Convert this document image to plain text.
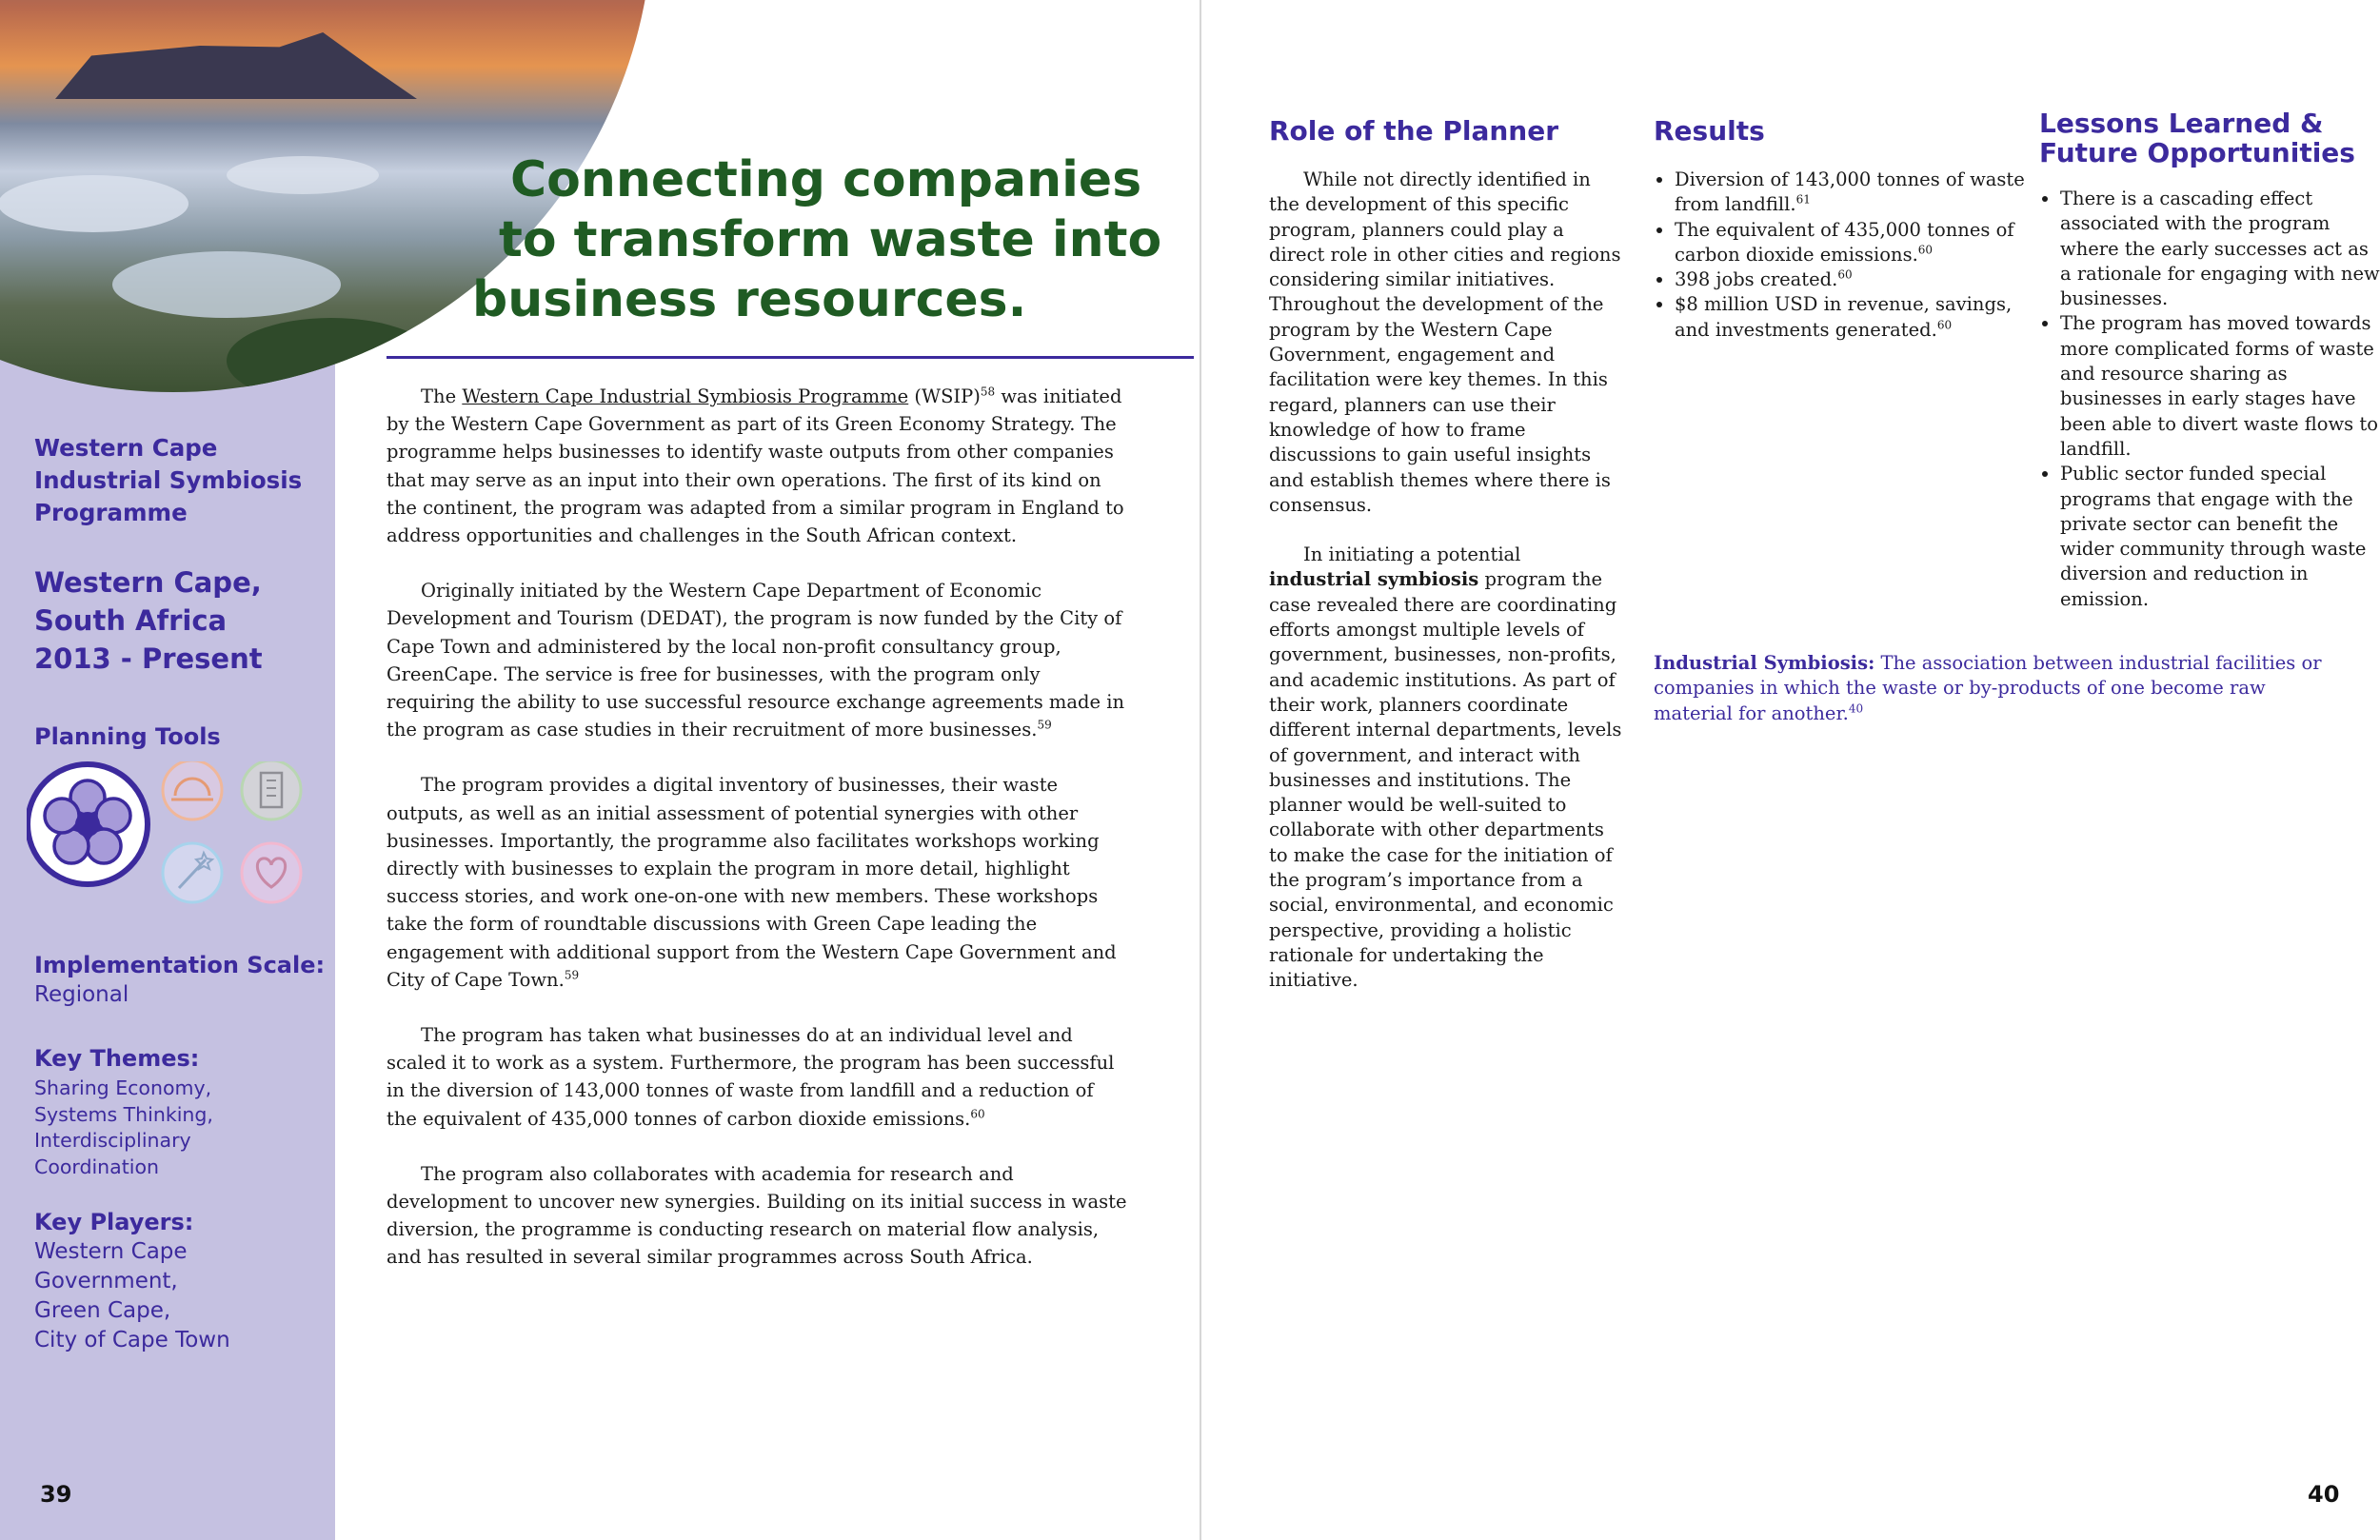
Western Cape Industrial Symbiosis Programme
Western Cape, South Africa
2013 - Present
Planning Tools
Implementation Scale:
Regional
Key Themes:
Sharing Economy,
Systems Thinking,
Interdisciplinary
Coordination
Key Players:
Western Cape
Government,
Green Cape,
City of Cape Town
39
Connecting companies
to transform waste into
business resources.

The Western Cape Industrial Symbiosis Programme (WSIP)$^{58}$ was initiated by the Western Cape Government as part of its Green Economy Strategy. The programme helps businesses to identify waste outputs from other companies that may serve as an input into their own operations. The first of its kind on the continent, the program was adapted from a similar program in England to address opportunities and challenges in the South African context.

Originally initiated by the Western Cape Department of Economic Development and Tourism (DEDAT), the program is now funded by the City of Cape Town and administered by the local non-profit consultancy group, GreenCape. The service is free for businesses, with the program only requiring the ability to use successful resource exchange agreements made in the program as case studies in their recruitment of more businesses.$^{59}$

The program provides a digital inventory of businesses, their waste outputs, as well as an initial assessment of potential synergies with other businesses. Importantly, the programme also facilitates workshops working directly with businesses to explain the program in more detail, highlight success stories, and work one-on-one with new members. These workshops take the form of roundtable discussions with Green Cape leading the engagement with additional support from the Western Cape Government and City of Cape Town.$^{59}$

The program has taken what businesses do at an individual level and scaled it to work as a system. Furthermore, the program has been successful in the diversion of 143,000 tonnes of waste from landfill and a reduction of the equivalent of 435,000 tonnes of carbon dioxide emissions.$^{60}$

The program also collaborates with academia for research and development to uncover new synergies. Building on its initial success in waste diversion, the programme is conducting research on material flow analysis, and has resulted in several similar programmes across South Africa.

Role of the Planner

While not directly identified in the development of this specific program, planners could play a direct role in other cities and regions considering similar initiatives. Throughout the development of the program by the Western Cape Government, engagement and facilitation were key themes. In this regard, planners can use their knowledge of how to frame discussions to gain useful insights and establish themes where there is consensus.

In initiating a potential industrial symbiosis program the case revealed there are coordinating efforts amongst multiple levels of government, businesses, non-profits, and academic institutions. As part of their work, planners coordinate different internal departments, levels of government, and interact with businesses and institutions. The planner would be well-suited to collaborate with other departments to make the case for the initiation of the program’s importance from a social, environmental, and economic perspective, providing a holistic rationale for undertaking the initiative.

Results
• Diversion of 143,000 tonnes of waste from landfill.$^{61}$
• The equivalent of 435,000 tonnes of carbon dioxide emissions.$^{60}$
• 398 jobs created.$^{60}$
• $8 million USD in revenue, savings, and investments generated.$^{60}$
Lessons Learned &
Future Opportunities
• There is a cascading effect associated with the program where the early successes act as a rationale for engaging with new businesses.
• The program has moved towards more complicated forms of waste and resource sharing as businesses in early stages have been able to divert waste flows to landfill.
• Public sector funded special programs that engage with the private sector can benefit the wider community through waste diversion and reduction in emission.
Industrial Symbiosis: The association between industrial facilities or companies in which the waste or by-products of one become raw material for another.$^{40}$
40
